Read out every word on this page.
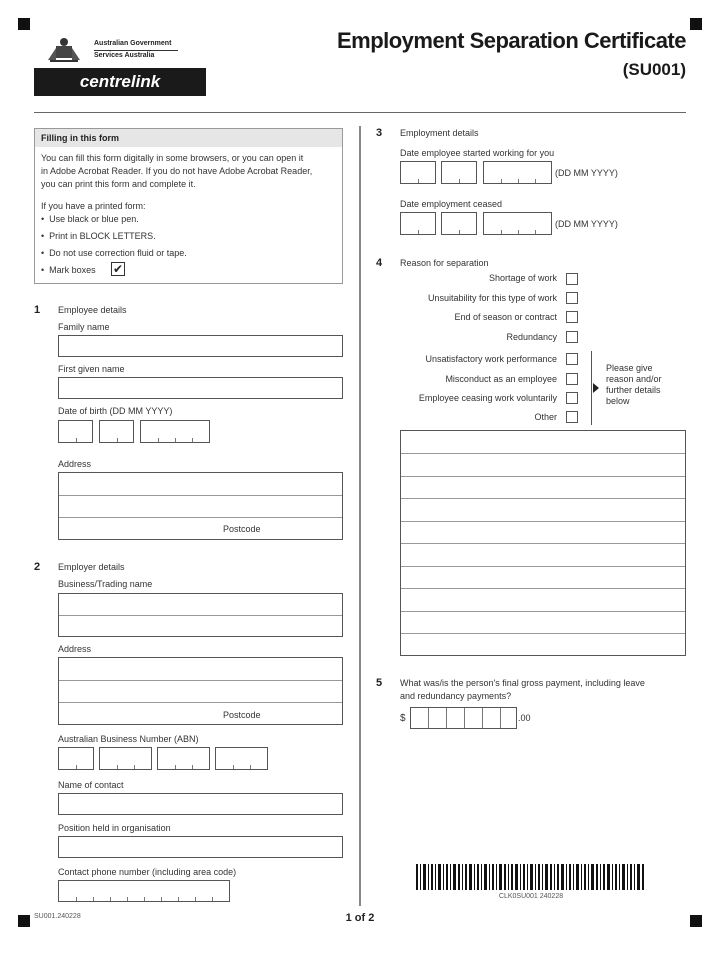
Australian Government
Services Australia
centrelink
Employment Separation Certificate
(SU001)
Filling in this form
You can fill this form digitally in some browsers, or you can open it
in Adobe Acrobat Reader. If you do not have Adobe Acrobat Reader,
you can print this form and complete it.
If you have a printed form:
•  Use black or blue pen.
•  Print in BLOCK LETTERS.
•  Do not use correction fluid or tape.
•  Mark boxes ✔
1 Employee details
Family name
First given name
Date of birth (DD MM YYYY)
Address
Postcode
2 Employer details
Business/Trading name
Address
Postcode
Australian Business Number (ABN)
Name of contact
Position held in organisation
Contact phone number (including area code)
3 Employment details
Date employee started working for you
(DD MM YYYY)
Date employment ceased
(DD MM YYYY)
4 Reason for separation
Shortage of work
Unsuitability for this type of work
End of season or contract
Redundancy
Unsatisfactory work performance
Misconduct as an employee
Employee ceasing work voluntarily
Other
Please give
reason and/or
further details
below
5 What was/is the person's final gross payment, including leave
and redundancy payments?
$	.00
CLK0SU001 240228
SU001.240228	1 of 2
